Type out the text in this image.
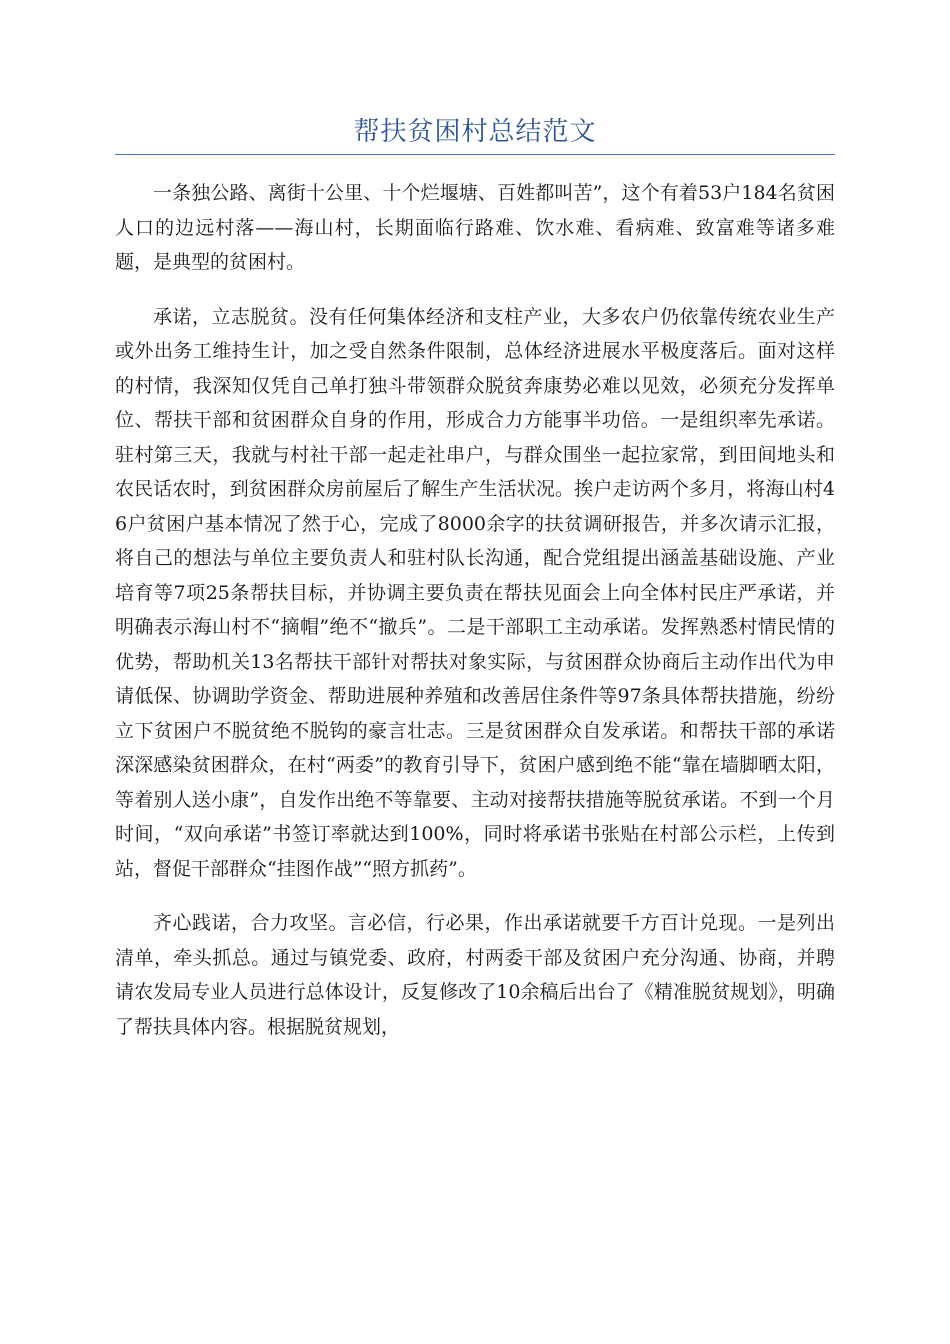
帮扶贫困村总结范文

一条独公路、离街十公里、十个烂堰塘、百姓都叫苦”，这个有着53户184名贫困人口的边远村落——海山村，长期面临行路难、饮水难、看病难、致富难等诸多难题，是典型的贫困村。

承诺，立志脱贫。没有任何集体经济和支柱产业，大多农户仍依靠传统农业生产或外出务工维持生计，加之受自然条件限制，总体经济进展水平极度落后。面对这样的村情，我深知仅凭自己单打独斗带领群众脱贫奔康势必难以见效，必须充分发挥单位、帮扶干部和贫困群众自身的作用，形成合力方能事半功倍。一是组织率先承诺。驻村第三天，我就与村社干部一起走社串户，与群众围坐一起拉家常，到田间地头和农民话农时，到贫困群众房前屋后了解生产生活状况。挨户走访两个多月，将海山村46户贫困户基本情况了然于心，完成了8000余字的扶贫调研报告，并多次请示汇报，将自己的想法与单位主要负责人和驻村队长沟通，配合党组提出涵盖基础设施、产业培育等7项25条帮扶目标，并协调主要负责在帮扶见面会上向全体村民庄严承诺，并明确表示海山村不“摘帽”绝不“撤兵”。二是干部职工主动承诺。发挥熟悉村情民情的优势，帮助机关13名帮扶干部针对帮扶对象实际，与贫困群众协商后主动作出代为申请低保、协调助学资金、帮助进展种养殖和改善居住条件等97条具体帮扶措施，纷纷立下贫困户不脱贫绝不脱钩的豪言壮志。三是贫困群众自发承诺。和帮扶干部的承诺深深感染贫困群众，在村“两委”的教育引导下，贫困户感到绝不能“靠在墙脚晒太阳，等着别人送小康”，自发作出绝不等靠要、主动对接帮扶措施等脱贫承诺。不到一个月时间，“双向承诺”书签订率就达到100%，同时将承诺书张贴在村部公示栏，上传到站，督促干部群众“挂图作战”“照方抓药”。

齐心践诺，合力攻坚。言必信，行必果，作出承诺就要千方百计兑现。一是列出清单，牵头抓总。通过与镇党委、政府，村两委干部及贫困户充分沟通、协商，并聘请农发局专业人员进行总体设计，反复修改了10余稿后出台了《精准脱贫规划》，明确了帮扶具体内容。根据脱贫规划，
